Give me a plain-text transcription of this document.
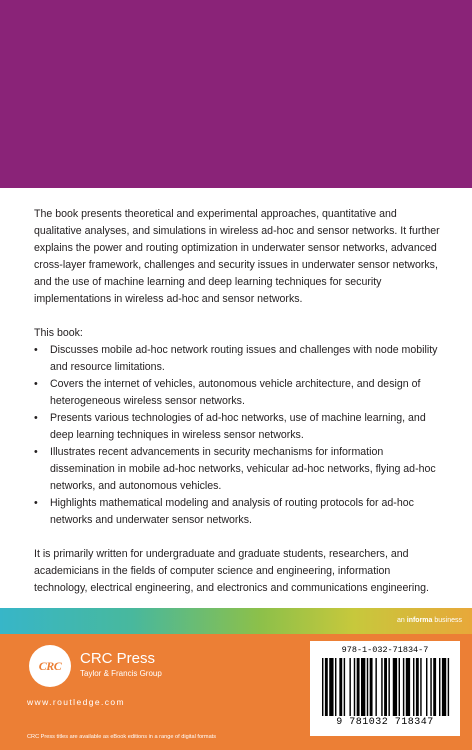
The book presents theoretical and experimental approaches, quantitative and qualitative analyses, and simulations in wireless ad-hoc and sensor networks. It further explains the power and routing optimization in underwater sensor networks, advanced cross-layer framework, challenges and security issues in underwater sensor networks, and the use of machine learning and deep learning techniques for security implementations in wireless ad-hoc and sensor networks.

This book:

•	Discusses mobile ad-hoc network routing issues and challenges with node mobility and resource limitations.
•	Covers the internet of vehicles, autonomous vehicle architecture, and design of heterogeneous wireless sensor networks.
•	Presents various technologies of ad-hoc networks, use of machine learning, and deep learning techniques in wireless sensor networks.
•	Illustrates recent advancements in security mechanisms for information dissemination in mobile ad-hoc networks, vehicular ad-hoc networks, flying ad-hoc networks, and autonomous vehicles.
•	Highlights mathematical modeling and analysis of routing protocols for ad-hoc networks and underwater sensor networks.

It is primarily written for undergraduate and graduate students, researchers, and academicians in the fields of computer science and engineering, information technology, electrical engineering, and electronics and communications engineering.

an informa business
CRC CRC Press
Taylor & Francis Group
www.routledge.com
CRC Press titles are available as eBook editions in a range of digital formats
978-1-032-71834-7
9 781032 718347
